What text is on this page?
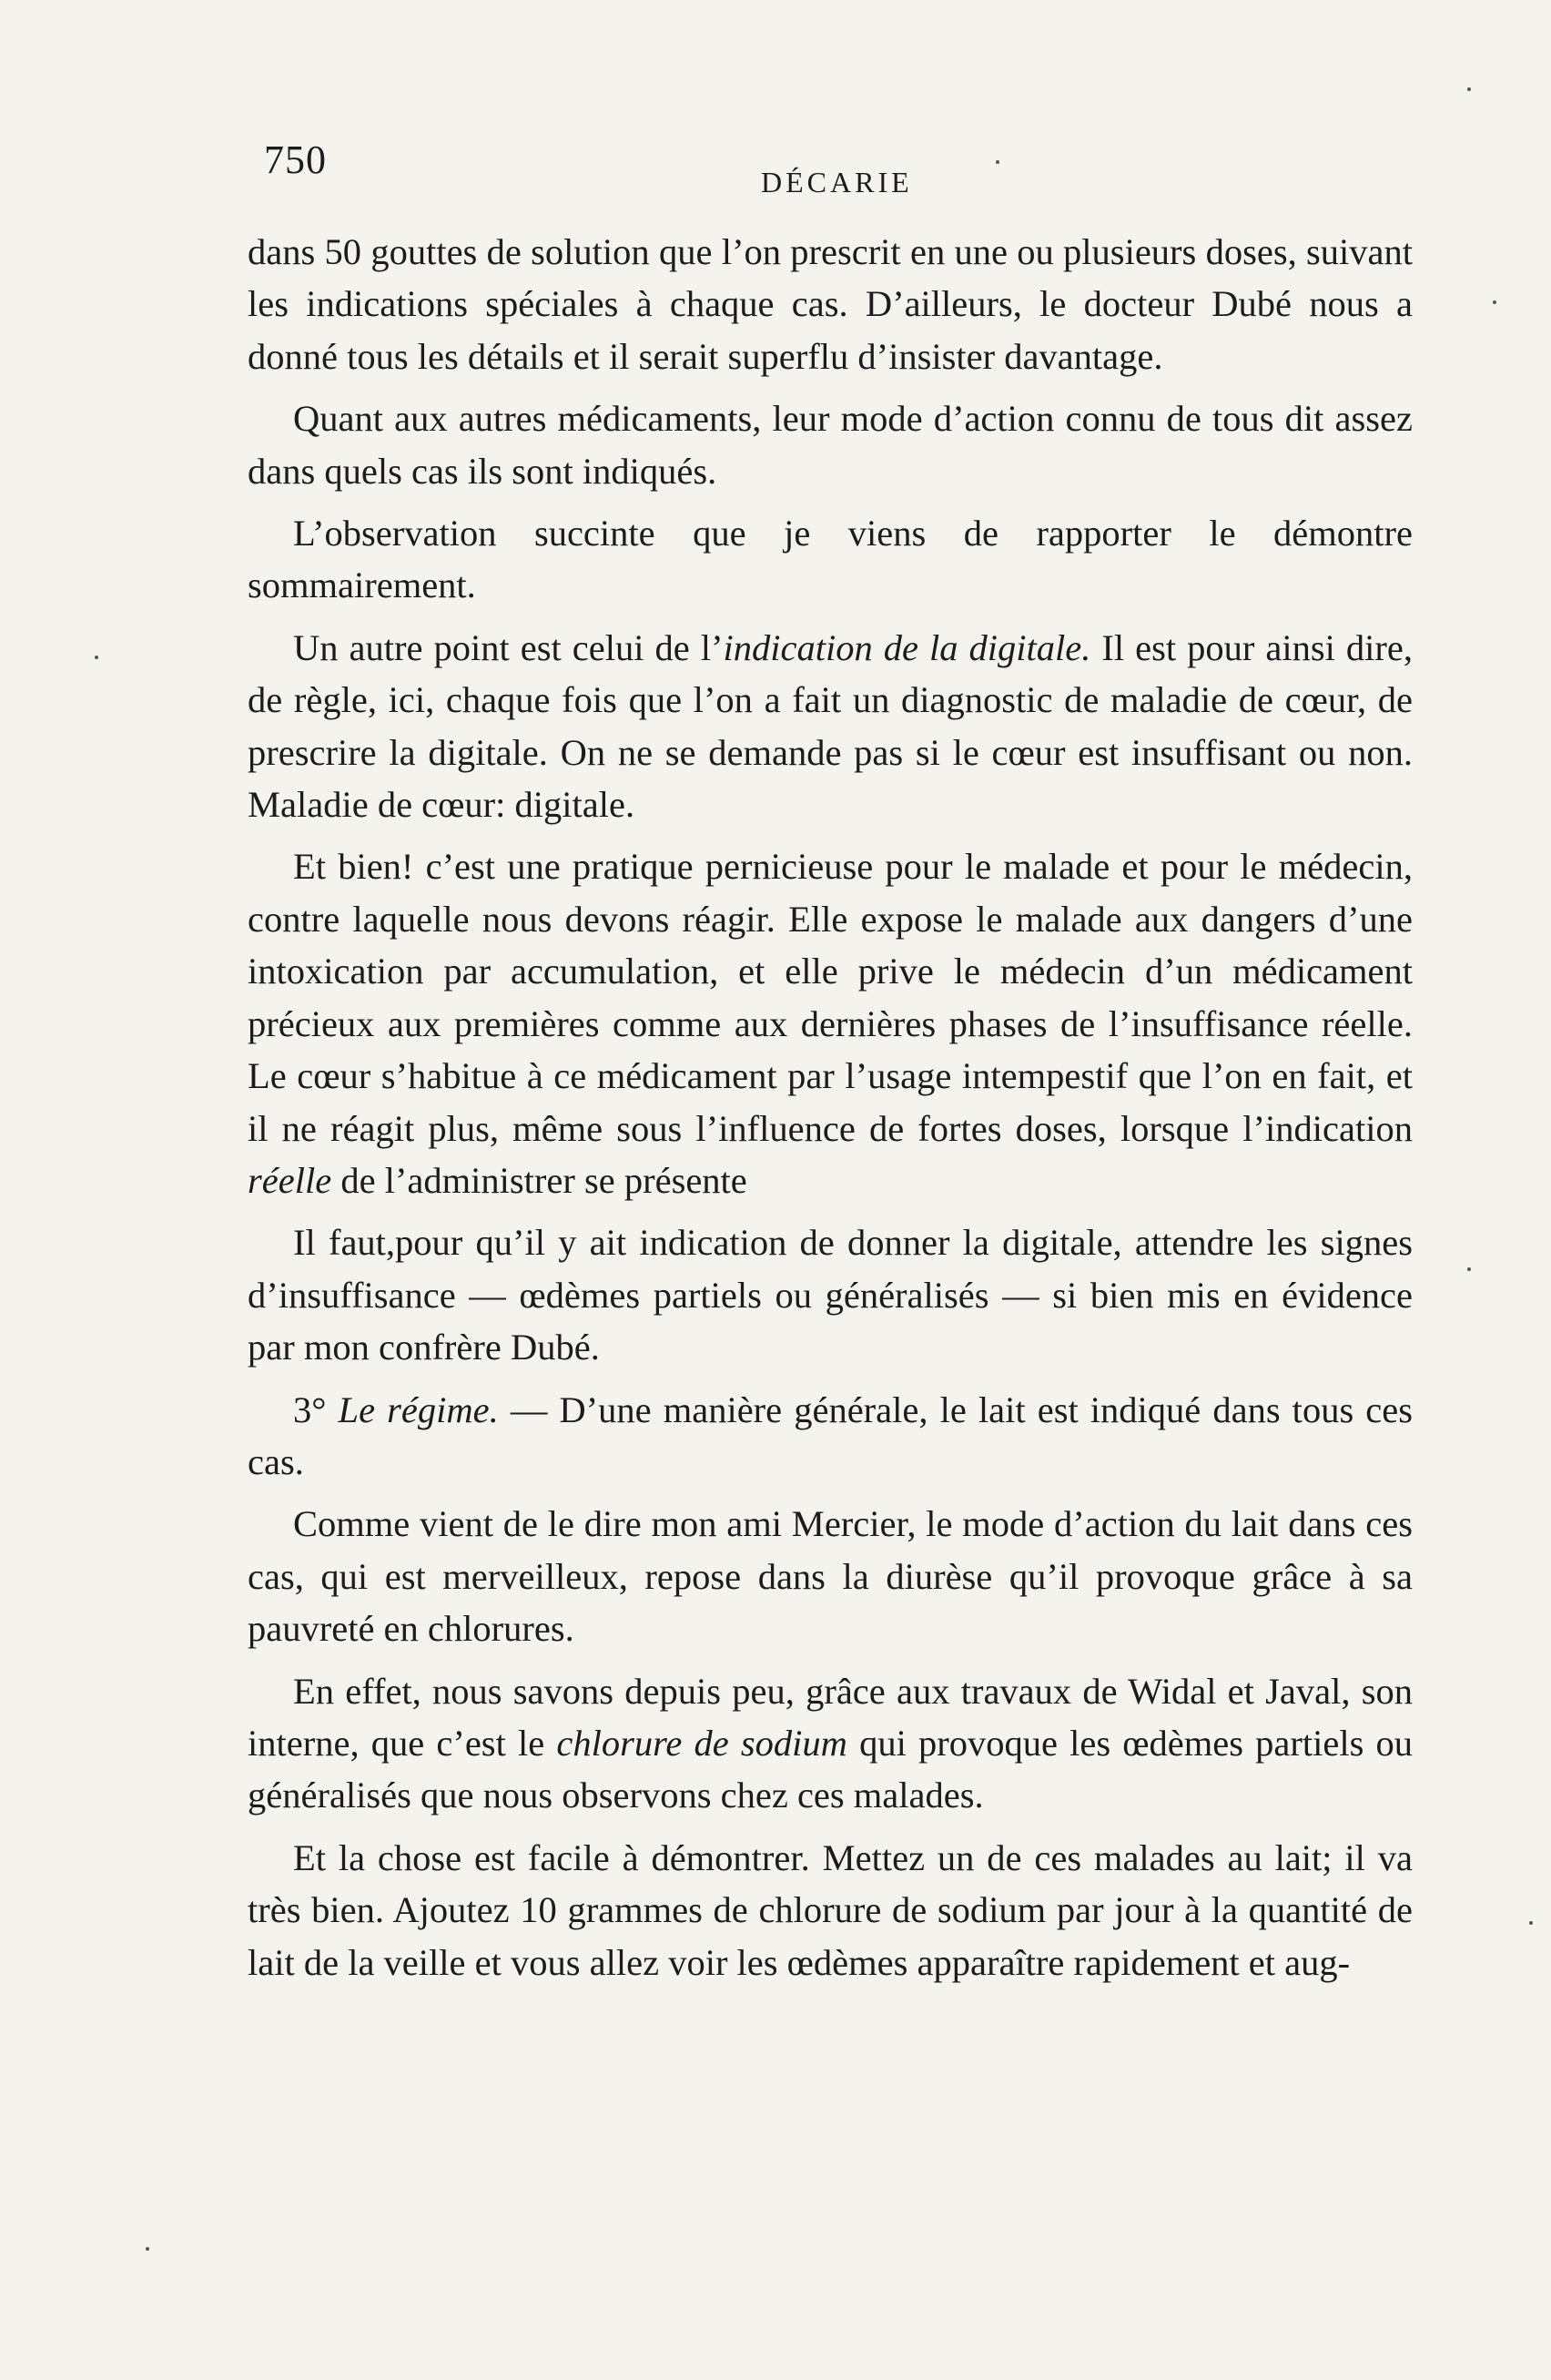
750	DÉCARIE

dans 50 gouttes de solution que l’on prescrit en une ou plusieurs doses, suivant les indications spéciales à chaque cas. D’ailleurs, le docteur Dubé nous a donné tous les détails et il serait superflu d’insister davantage.

Quant aux autres médicaments, leur mode d’action connu de tous dit assez dans quels cas ils sont indiqués.

L’observation succinte que je viens de rapporter le démontre sommairement.

Un autre point est celui de l’indication de la digitale. Il est pour ainsi dire, de règle, ici, chaque fois que l’on a fait un diagnostic de maladie de cœur, de prescrire la digitale. On ne se demande pas si le cœur est insuffisant ou non. Maladie de cœur: digitale.

Et bien! c’est une pratique pernicieuse pour le malade et pour le médecin, contre laquelle nous devons réagir. Elle expose le malade aux dangers d’une intoxication par accumulation, et elle prive le médecin d’un médicament précieux aux premières comme aux dernières phases de l’insuffisance réelle. Le cœur s’habitue à ce médicament par l’usage intempestif que l’on en fait, et il ne réagit plus, même sous l’influence de fortes doses, lorsque l’indication réelle de l’administrer se présente

Il faut,pour qu’il y ait indication de donner la digitale, attendre les signes d’insuffisance — œdèmes partiels ou généralisés — si bien mis en évidence par mon confrère Dubé.

3° Le régime. — D’une manière générale, le lait est indiqué dans tous ces cas.

Comme vient de le dire mon ami Mercier, le mode d’action du lait dans ces cas, qui est merveilleux, repose dans la diurèse qu’il provoque grâce à sa pauvreté en chlorures.

En effet, nous savons depuis peu, grâce aux travaux de Widal et Javal, son interne, que c’est le chlorure de sodium qui provoque les œdèmes partiels ou généralisés que nous observons chez ces malades.

Et la chose est facile à démontrer. Mettez un de ces malades au lait; il va très bien. Ajoutez 10 grammes de chlorure de sodium par jour à la quantité de lait de la veille et vous allez voir les œdèmes apparaître rapidement et aug-
